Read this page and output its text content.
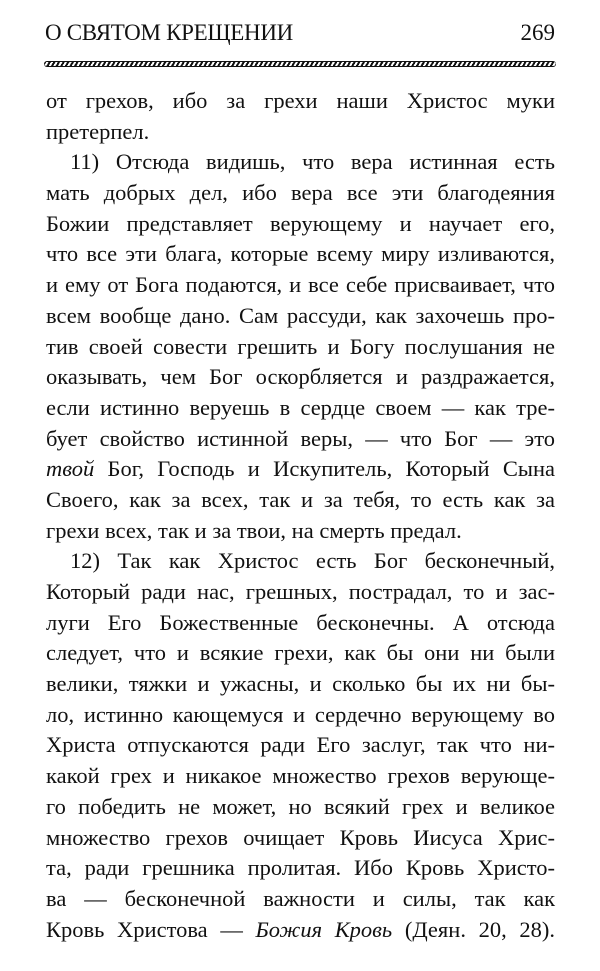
О СВЯТОМ КРЕЩЕНИИ	269
от грехов, ибо за грехи наши Христос муки
претерпел.
11) Отсюда видишь, что вера истинная есть
мать добрых дел, ибо вера все эти благодеяния
Божии представляет верующему и научает его,
что все эти блага, которые всему миру изливаются,
и ему от Бога подаются, и все себе присваивает, что
всем вообще дано. Сам рассуди, как захочешь про-
тив своей совести грешить и Богу послушания не
оказывать, чем Бог оскорбляется и раздражается,
если истинно веруешь в сердце своем — как тре-
бует свойство истинной веры, — что Бог — это
твой Бог, Господь и Искупитель, Который Сына
Своего, как за всех, так и за тебя, то есть как за
грехи всех, так и за твои, на смерть предал.
12) Так как Христос есть Бог бесконечный,
Который ради нас, грешных, пострадал, то и зас-
луги Его Божественные бесконечны. А отсюда
следует, что и всякие грехи, как бы они ни были
велики, тяжки и ужасны, и сколько бы их ни бы-
ло, истинно кающемуся и сердечно верующему во
Христа отпускаются ради Его заслуг, так что ни-
какой грех и никакое множество грехов верующе-
го победить не может, но всякий грех и великое
множество грехов очищает Кровь Иисуса Хрис-
та, ради грешника пролитая. Ибо Кровь Христо-
ва — бесконечной важности и силы, так как
Кровь Христова — Божия Кровь (Деян. 20, 28).
